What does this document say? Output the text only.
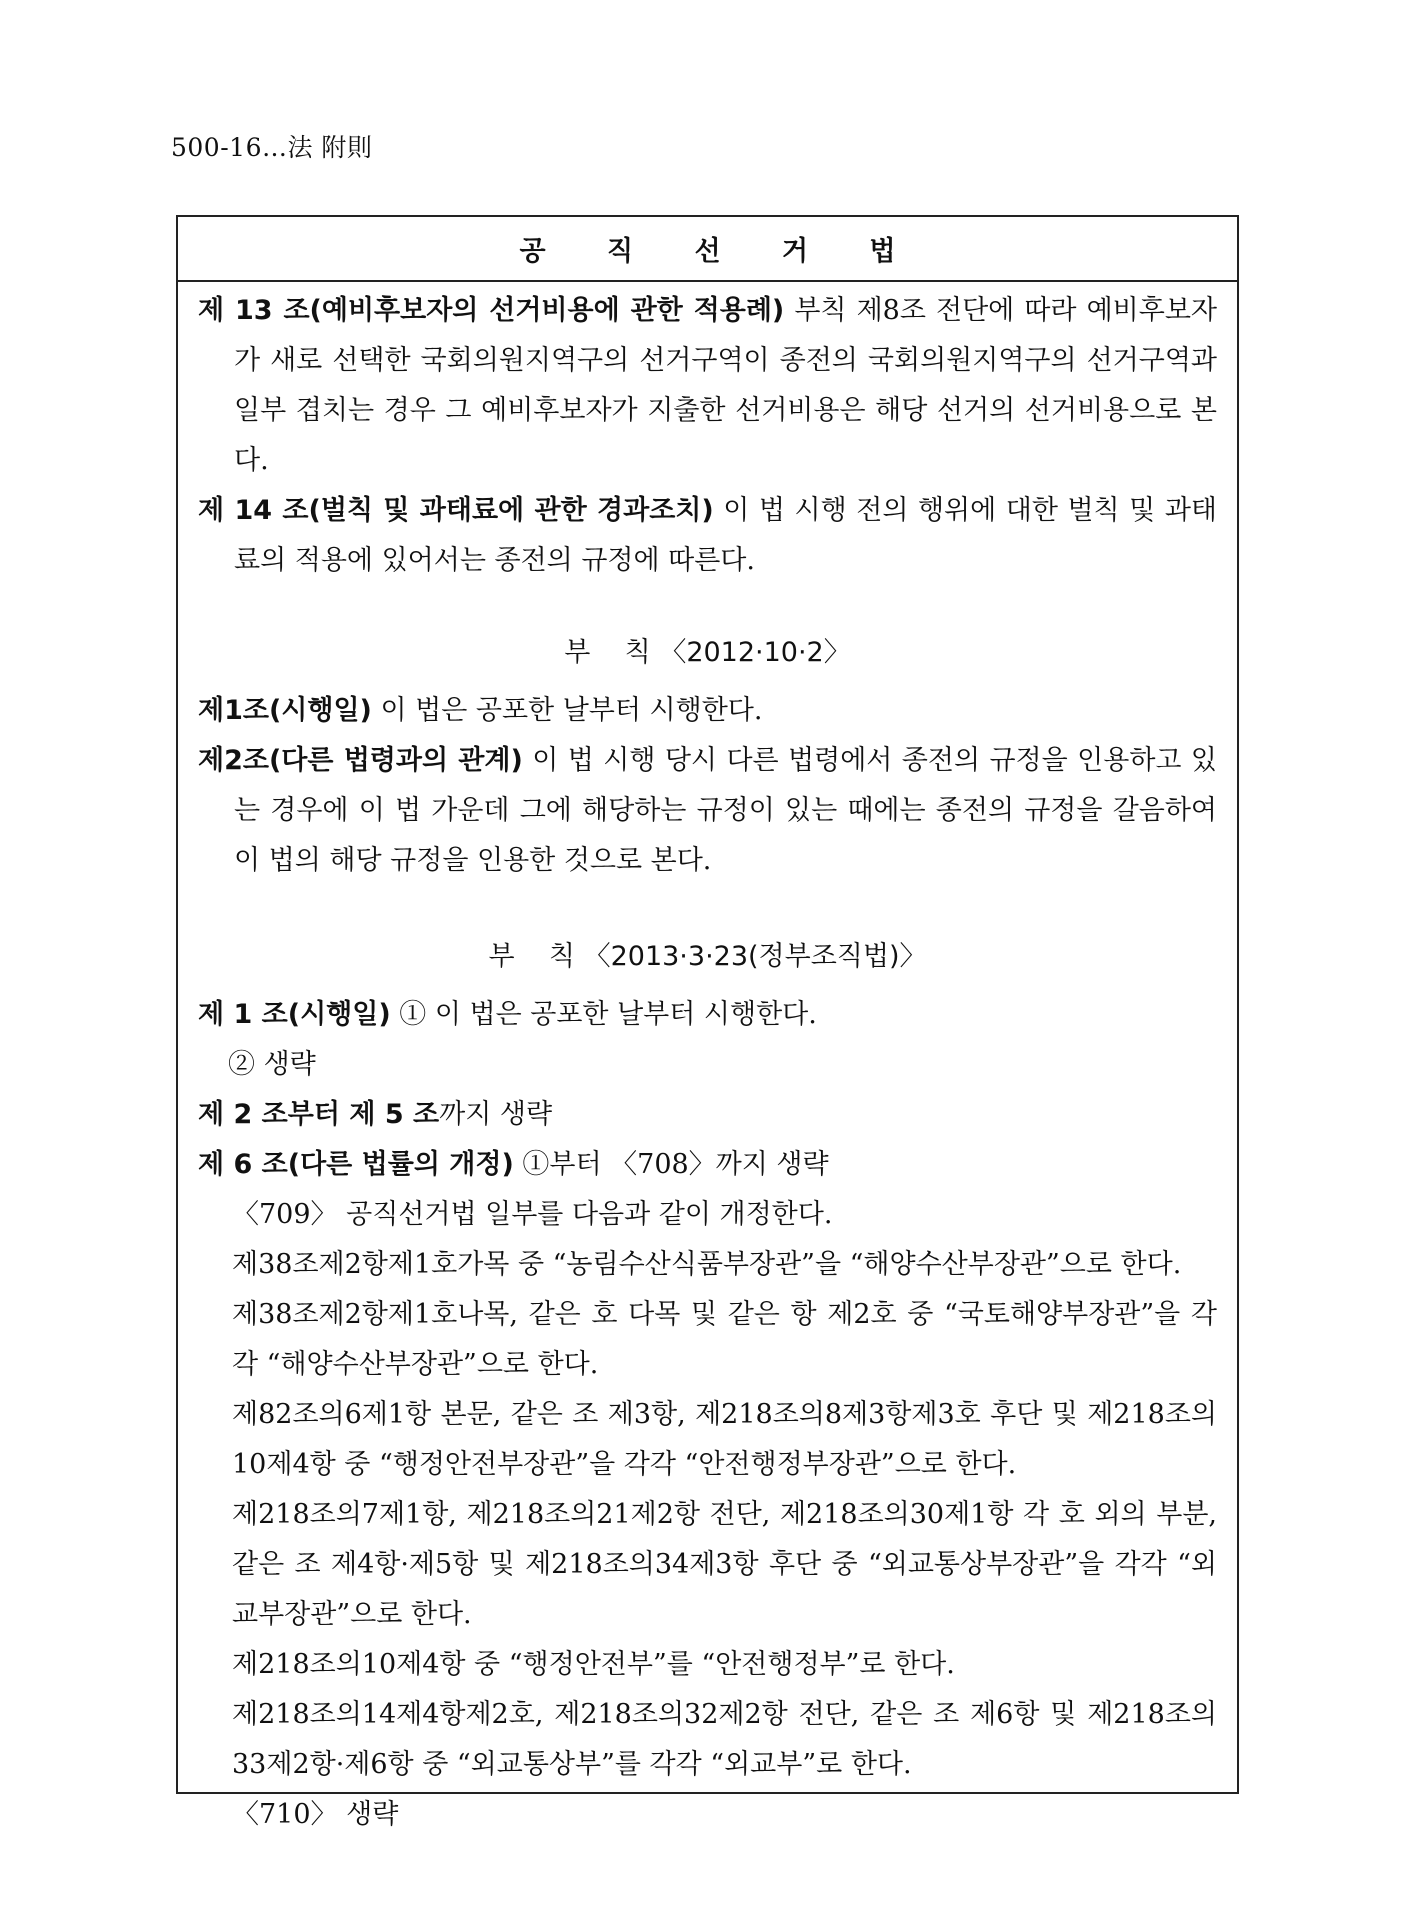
500-16…法 附則
공 직 선 거 법

제 13 조(예비후보자의 선거비용에 관한 적용례) 부칙 제8조 전단에 따라 예비후보자가 새로 선택한 국회의원지역구의 선거구역이 종전의 국회의원지역구의 선거구역과 일부 겹치는 경우 그 예비후보자가 지출한 선거비용은 해당 선거의 선거비용으로 본다.

제 14 조(벌칙 및 과태료에 관한 경과조치) 이 법 시행 전의 행위에 대한 벌칙 및 과태료의 적용에 있어서는 종전의 규정에 따른다.

부    칙 〈2012·10·2〉

제1조(시행일) 이 법은 공포한 날부터 시행한다.

제2조(다른 법령과의 관계) 이 법 시행 당시 다른 법령에서 종전의 규정을 인용하고 있는 경우에 이 법 가운데 그에 해당하는 규정이 있는 때에는 종전의 규정을 갈음하여 이 법의 해당 규정을 인용한 것으로 본다.

부    칙 〈2013·3·23(정부조직법)〉

제 1 조(시행일) ① 이 법은 공포한 날부터 시행한다.

② 생략

제 2 조부터 제 5 조까지 생략

제 6 조(다른 법률의 개정) ①부터 〈708〉까지 생략

〈709〉 공직선거법 일부를 다음과 같이 개정한다.

제38조제2항제1호가목 중 “농림수산식품부장관”을 “해양수산부장관”으로 한다.

제38조제2항제1호나목, 같은 호 다목 및 같은 항 제2호 중 “국토해양부장관”을 각각 “해양수산부장관”으로 한다.

제82조의6제1항 본문, 같은 조 제3항, 제218조의8제3항제3호 후단 및 제218조의10제4항 중 “행정안전부장관”을 각각 “안전행정부장관”으로 한다.

제218조의7제1항, 제218조의21제2항 전단, 제218조의30제1항 각 호 외의 부분, 같은 조 제4항·제5항 및 제218조의34제3항 후단 중 “외교통상부장관”을 각각 “외교부장관”으로 한다.

제218조의10제4항 중 “행정안전부”를 “안전행정부”로 한다.

제218조의14제4항제2호, 제218조의32제2항 전단, 같은 조 제6항 및 제218조의33제2항·제6항 중 “외교통상부”를 각각 “외교부”로 한다.

〈710〉 생략
